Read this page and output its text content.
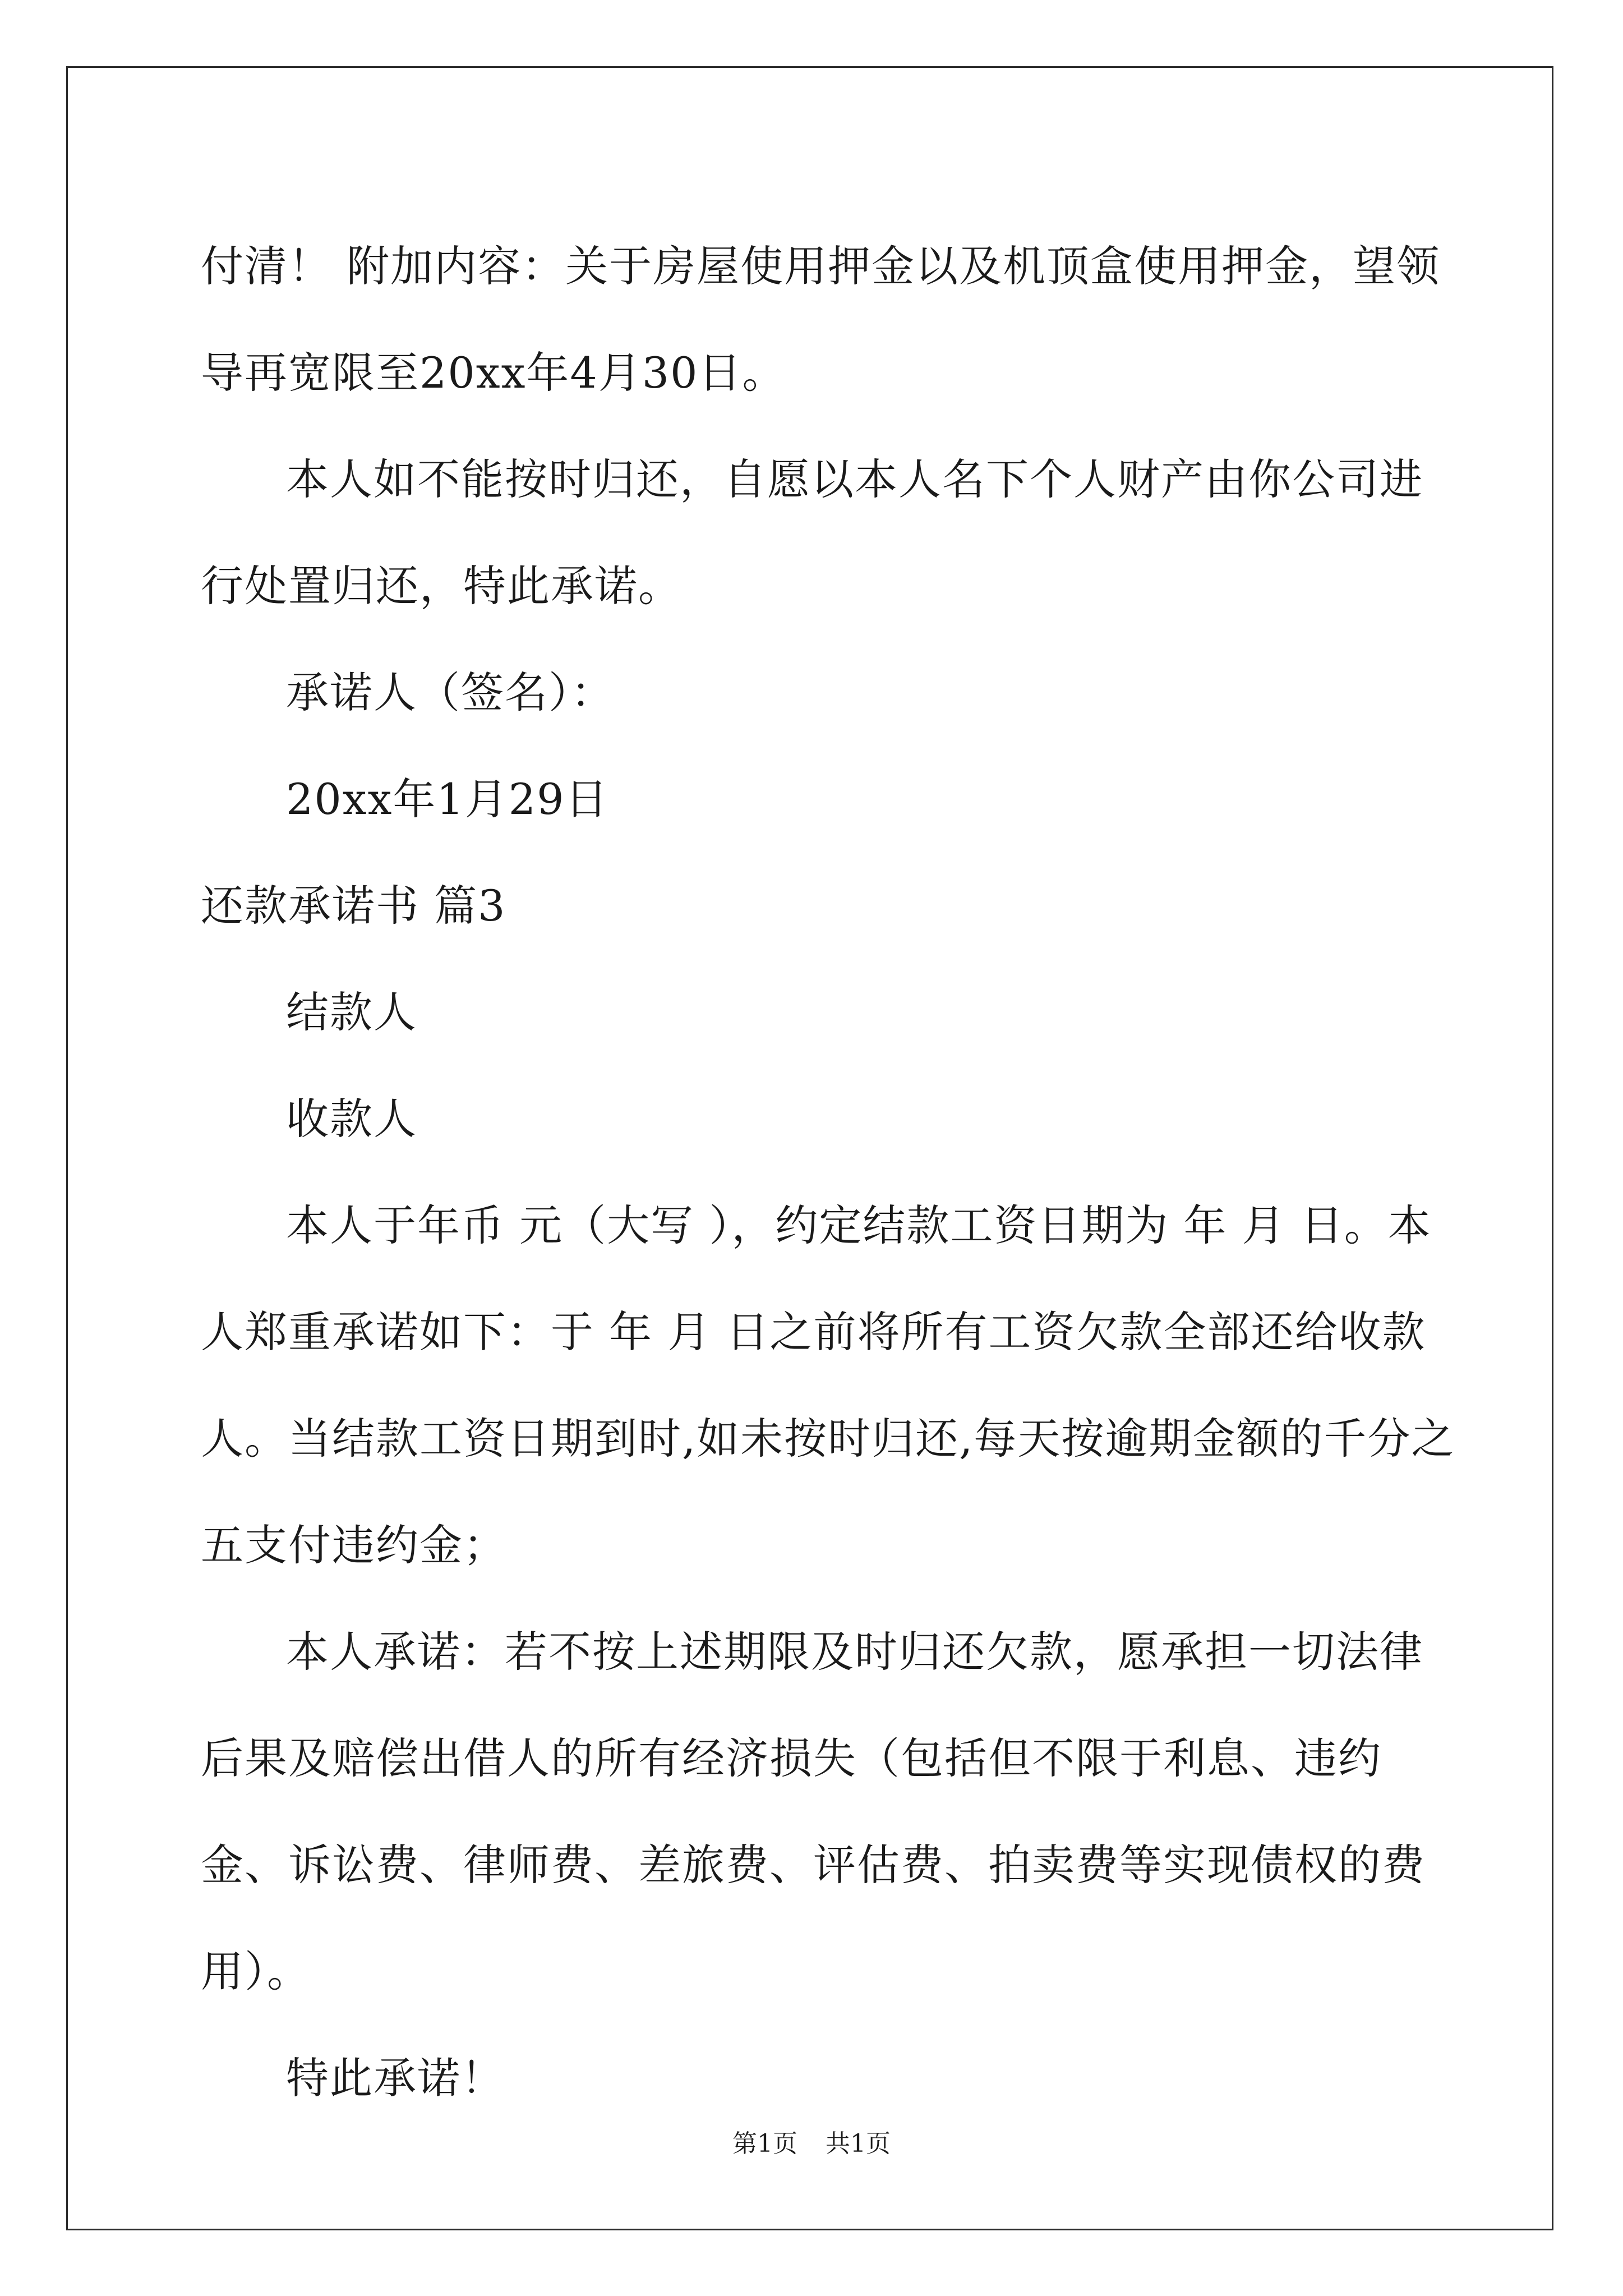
付清！ 附加内容：关于房屋使用押金以及机顶盒使用押金，望领导再宽限至20xx年4月30日。

本人如不能按时归还，自愿以本人名下个人财产由你公司进行处置归还，特此承诺。

承诺人（签名）：

20xx年1月29日

还款承诺书 篇3

结款人

收款人

本人于年币 元（大写 ），约定结款工资日期为 年 月 日。本人郑重承诺如下：于 年 月 日之前将所有工资欠款全部还给收款人。当结款工资日期到时,如未按时归还,每天按逾期金额的千分之五支付违约金；

本人承诺：若不按上述期限及时归还欠款，愿承担一切法律后果及赔偿出借人的所有经济损失（包括但不限于利息、违约金、诉讼费、律师费、差旅费、评估费、拍卖费等实现债权的费用）。

特此承诺！

第1页 共1页
